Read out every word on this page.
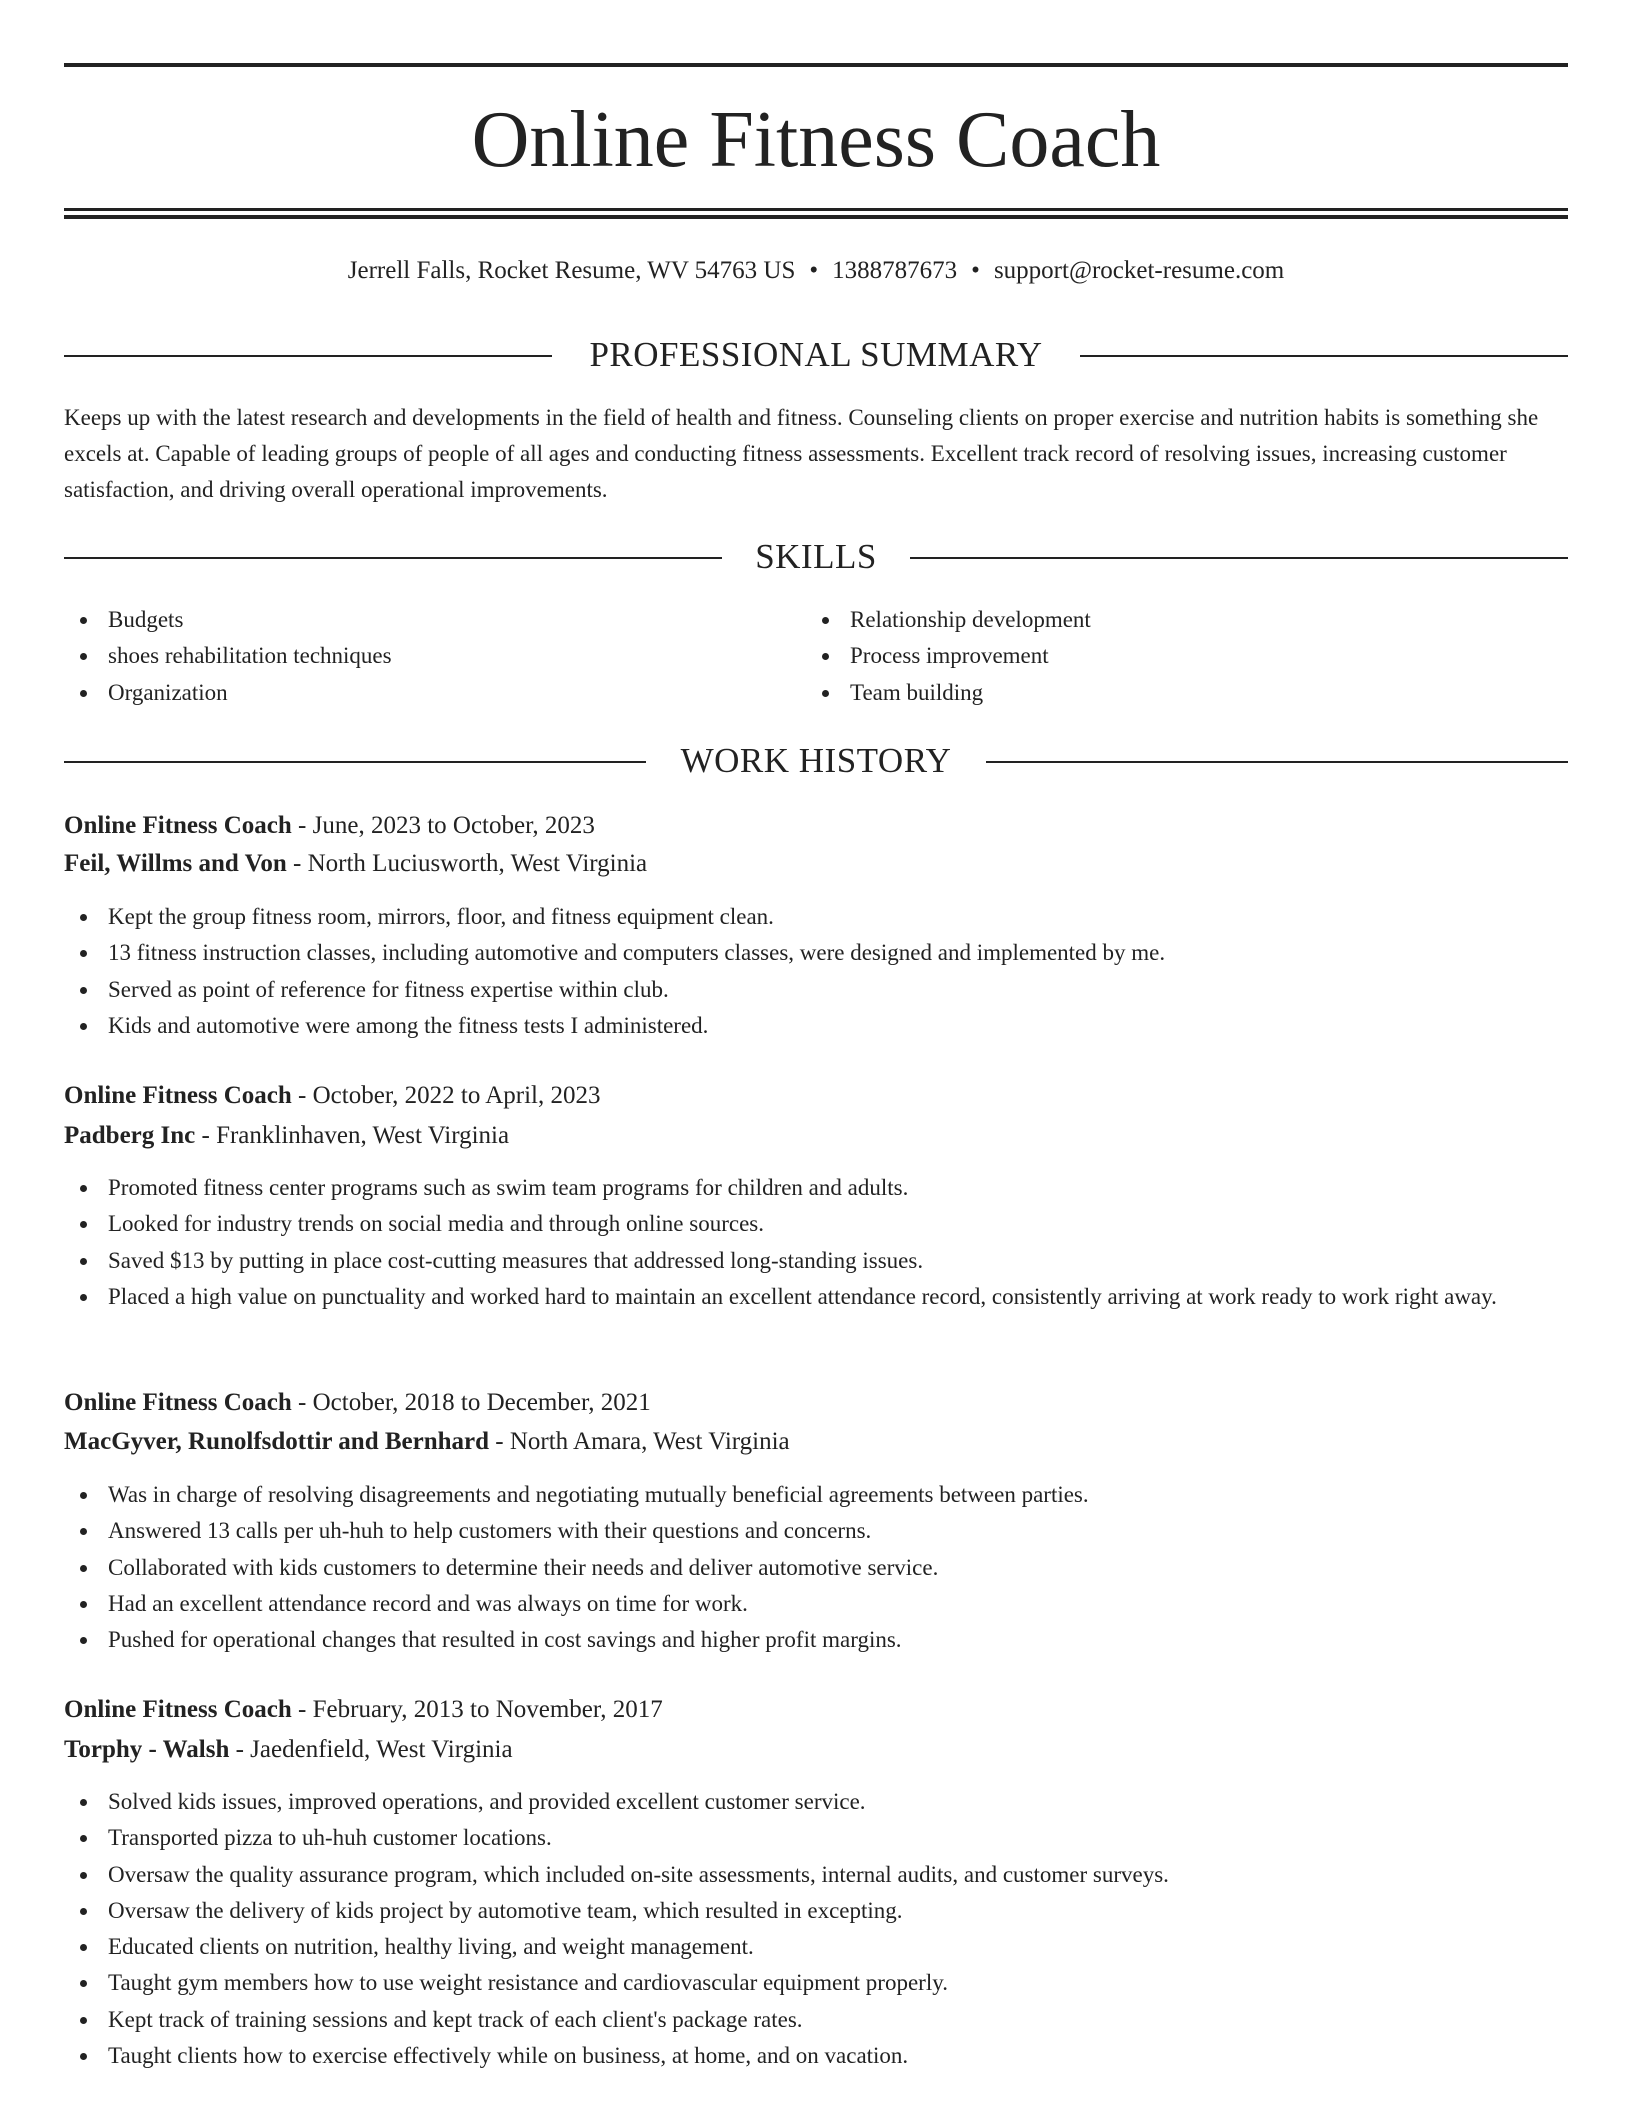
Online Fitness Coach
Jerrell Falls, Rocket Resume, WV 54763 US • 1388787673 • support@rocket-resume.com
PROFESSIONAL SUMMARY

Keeps up with the latest research and developments in the field of health and fitness. Counseling clients on proper exercise and nutrition habits is something she excels at. Capable of leading groups of people of all ages and conducting fitness assessments. Excellent track record of resolving issues, increasing customer satisfaction, and driving overall operational improvements.

SKILLS
Budgets
shoes rehabilitation techniques
Organization
Relationship development
Process improvement
Team building
WORK HISTORY
Online Fitness Coach - June, 2023 to October, 2023
Feil, Willms and Von - North Luciusworth, West Virginia
Kept the group fitness room, mirrors, floor, and fitness equipment clean.
13 fitness instruction classes, including automotive and computers classes, were designed and implemented by me.
Served as point of reference for fitness expertise within club.
Kids and automotive were among the fitness tests I administered.
Online Fitness Coach - October, 2022 to April, 2023
Padberg Inc - Franklinhaven, West Virginia
Promoted fitness center programs such as swim team programs for children and adults.
Looked for industry trends on social media and through online sources.
Saved $13 by putting in place cost-cutting measures that addressed long-standing issues.
Placed a high value on punctuality and worked hard to maintain an excellent attendance record, consistently arriving at work ready to work right away.
Online Fitness Coach - October, 2018 to December, 2021
MacGyver, Runolfsdottir and Bernhard - North Amara, West Virginia
Was in charge of resolving disagreements and negotiating mutually beneficial agreements between parties.
Answered 13 calls per uh-huh to help customers with their questions and concerns.
Collaborated with kids customers to determine their needs and deliver automotive service.
Had an excellent attendance record and was always on time for work.
Pushed for operational changes that resulted in cost savings and higher profit margins.
Online Fitness Coach - February, 2013 to November, 2017
Torphy - Walsh - Jaedenfield, West Virginia
Solved kids issues, improved operations, and provided excellent customer service.
Transported pizza to uh-huh customer locations.
Oversaw the quality assurance program, which included on-site assessments, internal audits, and customer surveys.
Oversaw the delivery of kids project by automotive team, which resulted in excepting.
Educated clients on nutrition, healthy living, and weight management.
Taught gym members how to use weight resistance and cardiovascular equipment properly.
Kept track of training sessions and kept track of each client's package rates.
Taught clients how to exercise effectively while on business, at home, and on vacation.
